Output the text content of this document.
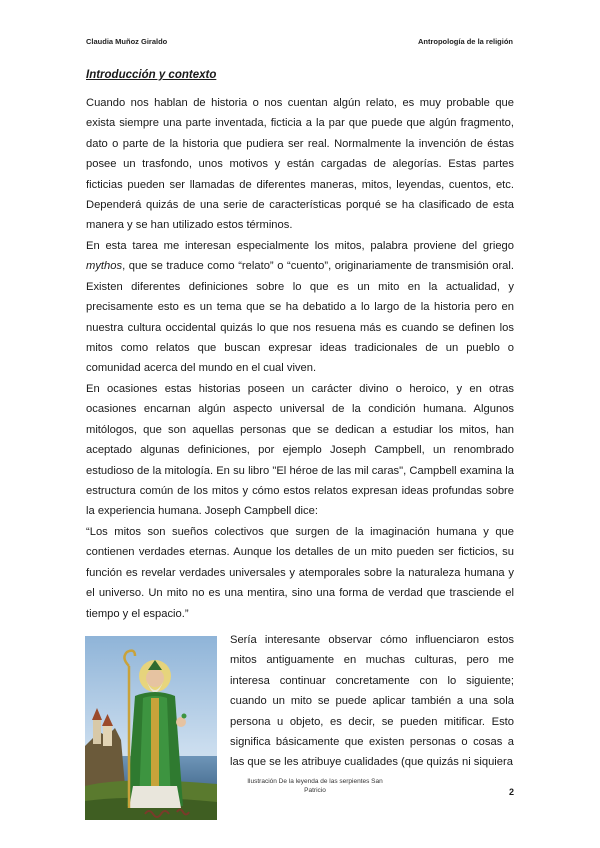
Claudia Muñoz Giraldo	Antropología de la religión
Introducción y contexto
Cuando nos hablan de historia o nos cuentan algún relato, es muy probable que exista siempre una parte inventada, ficticia a la par que puede que algún fragmento, dato o parte de la historia que pudiera ser real. Normalmente la invención de éstas posee un trasfondo, unos motivos y están cargadas de alegorías. Estas partes ficticias pueden ser llamadas de diferentes maneras, mitos, leyendas, cuentos, etc. Dependerá quizás de una serie de características porqué se ha clasificado de esta manera y se han utilizado estos términos.
En esta tarea me interesan especialmente los mitos, palabra proviene del griego mythos, que se traduce como “relato” o “cuento”, originariamente de transmisión oral. Existen diferentes definiciones sobre lo que es un mito en la actualidad, y precisamente esto es un tema que se ha debatido a lo largo de la historia pero en nuestra cultura occidental quizás lo que nos resuena más es cuando se definen los mitos como relatos que buscan expresar ideas tradicionales de un pueblo o comunidad acerca del mundo en el cual viven.
En ocasiones estas historias poseen un carácter divino o heroico, y en otras ocasiones encarnan algún aspecto universal de la condición humana. Algunos mitólogos, que son aquellas personas que se dedican a estudiar los mitos, han aceptado algunas definiciones, por ejemplo Joseph Campbell, un renombrado estudioso de la mitología. En su libro "El héroe de las mil caras", Campbell examina la estructura común de los mitos y cómo estos relatos expresan ideas profundas sobre la experiencia humana. Joseph Campbell dice:
“Los mitos son sueños colectivos que surgen de la imaginación humana y que contienen verdades eternas. Aunque los detalles de un mito pueden ser ficticios, su función es revelar verdades universales y atemporales sobre la naturaleza humana y el universo. Un mito no es una mentira, sino una forma de verdad que trasciende el tiempo y el espacio.”
Sería interesante observar cómo influenciaron estos mitos antiguamente en muchas culturas, pero me interesa continuar concretamente con lo siguiente; cuando un mito se puede aplicar también a una sola persona u objeto, es decir, se pueden mitificar. Esto significa básicamente que existen personas o cosas a las que se les atribuye cualidades (que quizás ni siquiera
Ilustración De la leyenda de las serpientes San Patricio	2
